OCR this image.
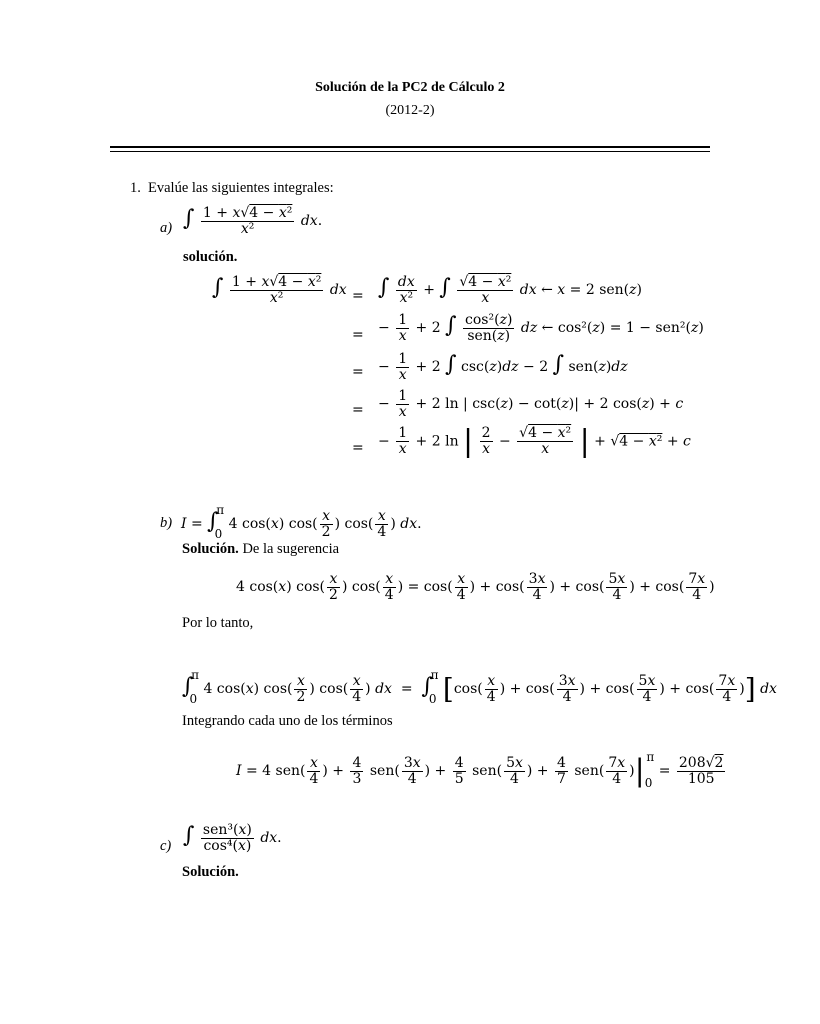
Solución de la PC2 de Cálculo 2
(2012-2)
1. Evalúe las siguientes integrales:
a) ∫ $\frac{\text{1 + x√4 − x²}}{\text{x²}}$ dx.
solución.
∫ $\frac{\text{1 + x√4 − x²}}{\text{x²}}$ dx = ∫ $\frac{dx}{\text{x²}}$ + ∫ $\frac{\text{√4 − x²}}{x}$ dx ← x = 2 sen(z)
= − $\frac{1}{x} + 2$ ∫ $\frac{\text{cos²(z)}}{\text{sen(z)}}$ dz ← cos²(z) = 1 − sen²(z)
= − $\frac{1}{x} + 2$ ∫ csc(z)dz − 2 ∫ sen(z)dz
= − $\frac{1}{x} + 2$ ln | csc(z) − cot(z)| + 2 cos(z) + c
= − $\frac{1}{x} + 2$ ln | $\frac{2}{x} - \frac{\text{√4 − x²}}{x}$ | + √4 − x² + c
b) I = ∫0π 4 cos(x) $\cos( \frac{x}{2}$ ) $\cos( \frac{x}{4}$ ) dx.
Solución. De la sugerencia
4 cos(x) $\cos( \frac{x}{2}$ ) $\cos( \frac{x}{4}$ ) = $\cos( \frac{x}{4}$ ) + $\cos( \frac{3x}{4}$ ) + $\cos( \frac{5x}{4}$ ) + $\cos( \frac{7x}{4}$ )
Por lo tanto,
∫0π 4 cos(x) $\cos( \frac{x}{2}$ ) $\cos( \frac{x}{4}$ ) dx  =  ∫0π [$\cos( \frac{x}{4}$ ) + $\cos( \frac{3x}{4}$ ) + $\cos( \frac{5x}{4}$ ) + $\cos( \frac{7x}{4}$ )] dx
Integrando cada uno de los términos
I = 4 $sen( \frac{x}{4}$ ) + $\frac{4}{3} sen( \frac{3x}{4}$ ) + $\frac{4}{5} sen( \frac{5x}{4}$ ) + $\frac{4}{7} sen( \frac{7x}{4} )|0\pi = \frac{208√2}{105}$
c) ∫ $\frac{\text{sen³(x)}}{\text{cos⁴(x)}}$ dx.
Solución.
